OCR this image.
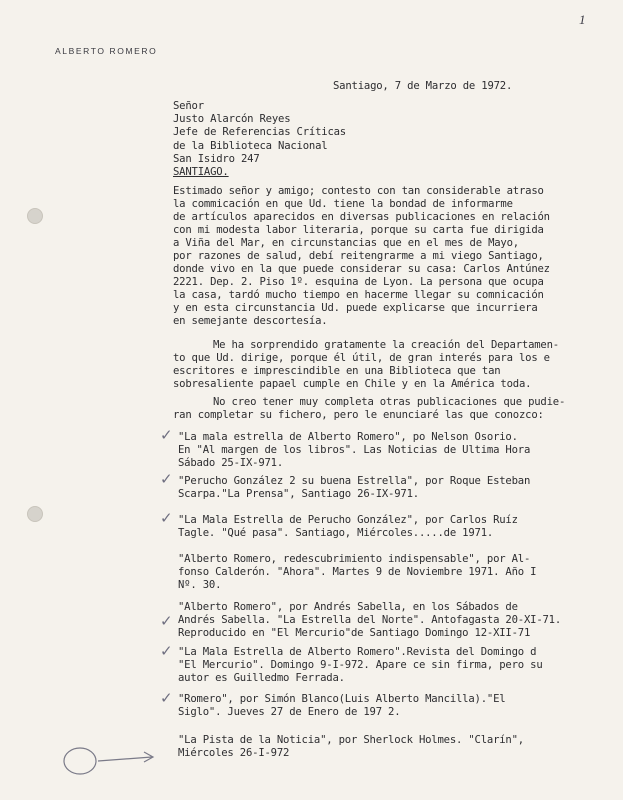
1
ALBERTO ROMERO
Santiago, 7 de Marzo de 1972.
Señor
Justo Alarcón Reyes
Jefe de Referencias Críticas
de la Biblioteca Nacional
San Isidro 247
SANTIAGO.
Estimado señor y amigo; contesto con tan considerable atraso
la commicación en que Ud. tiene la bondad de informarme
de artículos aparecidos en diversas publicaciones en relación
con mi modesta labor literaria, porque su carta fue dirigida
a Viña del Mar, en circunstancias que en el mes de Mayo,
por razones de salud, debí reitengrarme a mi viego Santiago,
donde vivo en la que puede considerar su casa: Carlos Antúnez
2221. Dep. 2. Piso 1º. esquina de Lyon. La persona que ocupa
la casa, tardó mucho tiempo en hacerme llegar su comnicación
y en esta circunstancia Ud. puede explicarse que incurriera
en semejante descortesía.
Me ha sorprendido gratamente la creación del Departamen-
to que Ud. dirige, porque él útil, de gran interés para los e
escritores e imprescindible en una Biblioteca que tan
sobresaliente papael cumple en Chile y en la América toda.
No creo tener muy completa otras publicaciones que pudie-
ran completar su fichero, pero le enunciaré las que conozco:
"La mala estrella de Alberto Romero", po Nelson Osorio.
En "Al margen de los libros". Las Noticias de Ultima Hora
Sábado 25-IX-971.
✓
"Perucho González 2 su buena Estrella", por Roque Esteban
Scarpa."La Prensa", Santiago 26-IX-971.
✓
"La Mala Estrella de Perucho González", por Carlos Ruíz
Tagle. "Qué pasa". Santiago, Miércoles.....de 1971.
✓
"Alberto Romero, redescubrimiento indispensable", por Al-
fonso Calderón. "Ahora". Martes 9 de Noviembre 1971. Año I
Nº. 30.
"Alberto Romero", por Andrés Sabella, en los Sábados de
Andrés Sabella. "La Estrella del Norte". Antofagasta 20-XI-71.
Reproducido en "El Mercurio"de Santiago Domingo 12-XII-71
✓
"La Mala Estrella de Alberto Romero".Revista del Domingo d
"El Mercurio". Domingo 9-I-972. Apare ce sin firma, pero su
autor es Guilledmo Ferrada.
✓
"Romero", por Simón Blanco(Luis Alberto Mancilla)."El
Siglo". Jueves 27 de Enero de 197 2.
✓
"La Pista de la Noticia", por Sherlock Holmes. "Clarín",
Miércoles 26-I-972
